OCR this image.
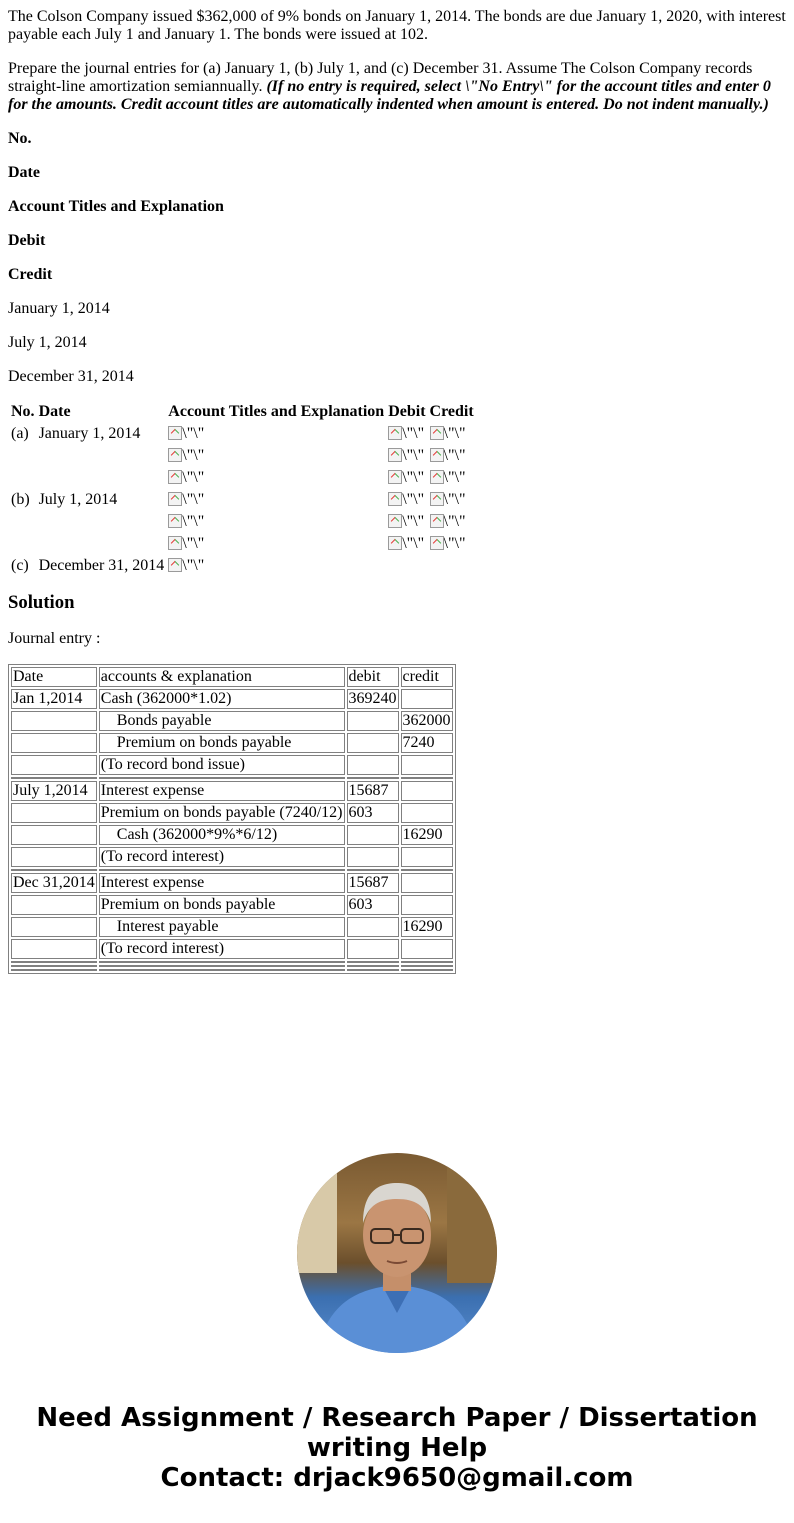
The Colson Company issued $362,000 of 9% bonds on January 1, 2014. The bonds are due January 1, 2020, with interest payable each July 1 and January 1. The bonds were issued at 102.

Prepare the journal entries for (a) January 1, (b) July 1, and (c) December 31. Assume The Colson Company records straight-line amortization semiannually. (If no entry is required, select \"No Entry\" for the account titles and enter 0 for the amounts. Credit account titles are automatically indented when amount is entered. Do not indent manually.)

No.

Date

Account Titles and Explanation

Debit

Credit

January 1, 2014

July 1, 2014

December 31, 2014

No.	Date	Account Titles and Explanation	Debit	Credit
(a)	January 1, 2014	\"\"	\"\"	\"\"
		\"\"	\"\"	\"\"
		\"\"	\"\"	\"\"
(b)	July 1, 2014	\"\"	\"\"	\"\"
		\"\"	\"\"	\"\"
		\"\"	\"\"	\"\"
(c)	December 31, 2014	\"\"		
Solution

Journal entry :

Date	accounts & explanation	debit	credit
Jan 1,2014	Cash (362000*1.02)	369240	
	Bonds payable		362000
	Premium on bonds payable		7240
	(To record bond issue)		

July 1,2014	Interest expense	15687	
	Premium on bonds payable (7240/12)	603	
	Cash (362000*9%*6/12)		16290
	(To record interest)		

Dec 31,2014	Interest expense	15687	
	Premium on bonds payable	603	
	Interest payable		16290
	(To record interest)		

Need Assignment / Research Paper / Dissertation writing Help
Contact: drjack9650@gmail.com
